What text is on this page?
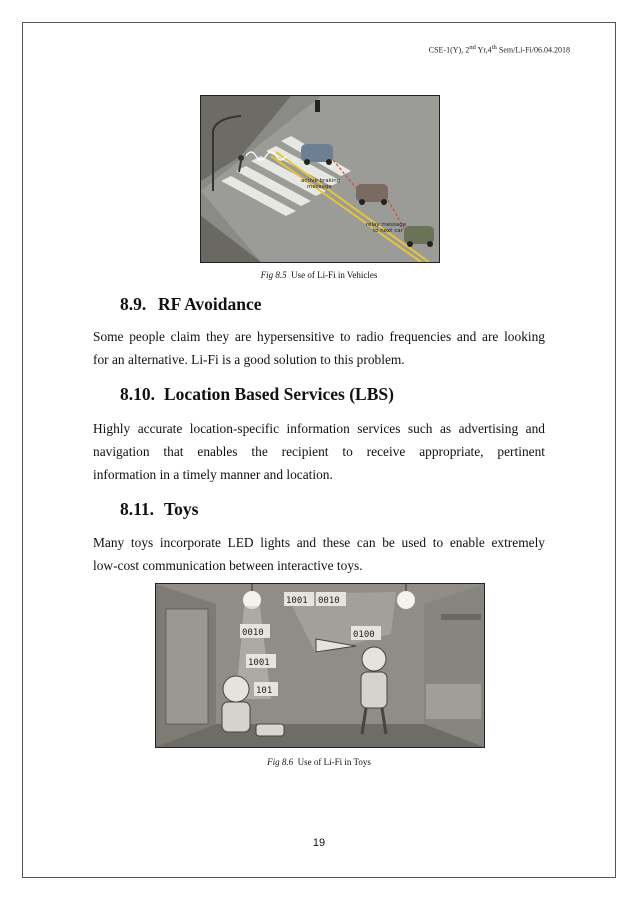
CSE-1(Y), 2nd Yr,4th Sem/Li-Fi/06.04.2018
active braking
message
relay message
to next car
Fig 8.5 Use of Li-Fi in Vehicles
8.9. RF Avoidance
Some people claim they are hypersensitive to radio frequencies and are looking
for an alternative. Li-Fi is a good solution to this problem.
8.10. Location Based Services (LBS)
Highly accurate location-specific information services such as advertising and
navigation that enables the recipient to receive appropriate, pertinent
information in a timely manner and location.
8.11. Toys
Many toys incorporate LED lights and these can be used to enable extremely
low-cost communication between interactive toys.
1001 0010
0010
1001
101
0100
Fig 8.6 Use of Li-Fi in Toys
19
